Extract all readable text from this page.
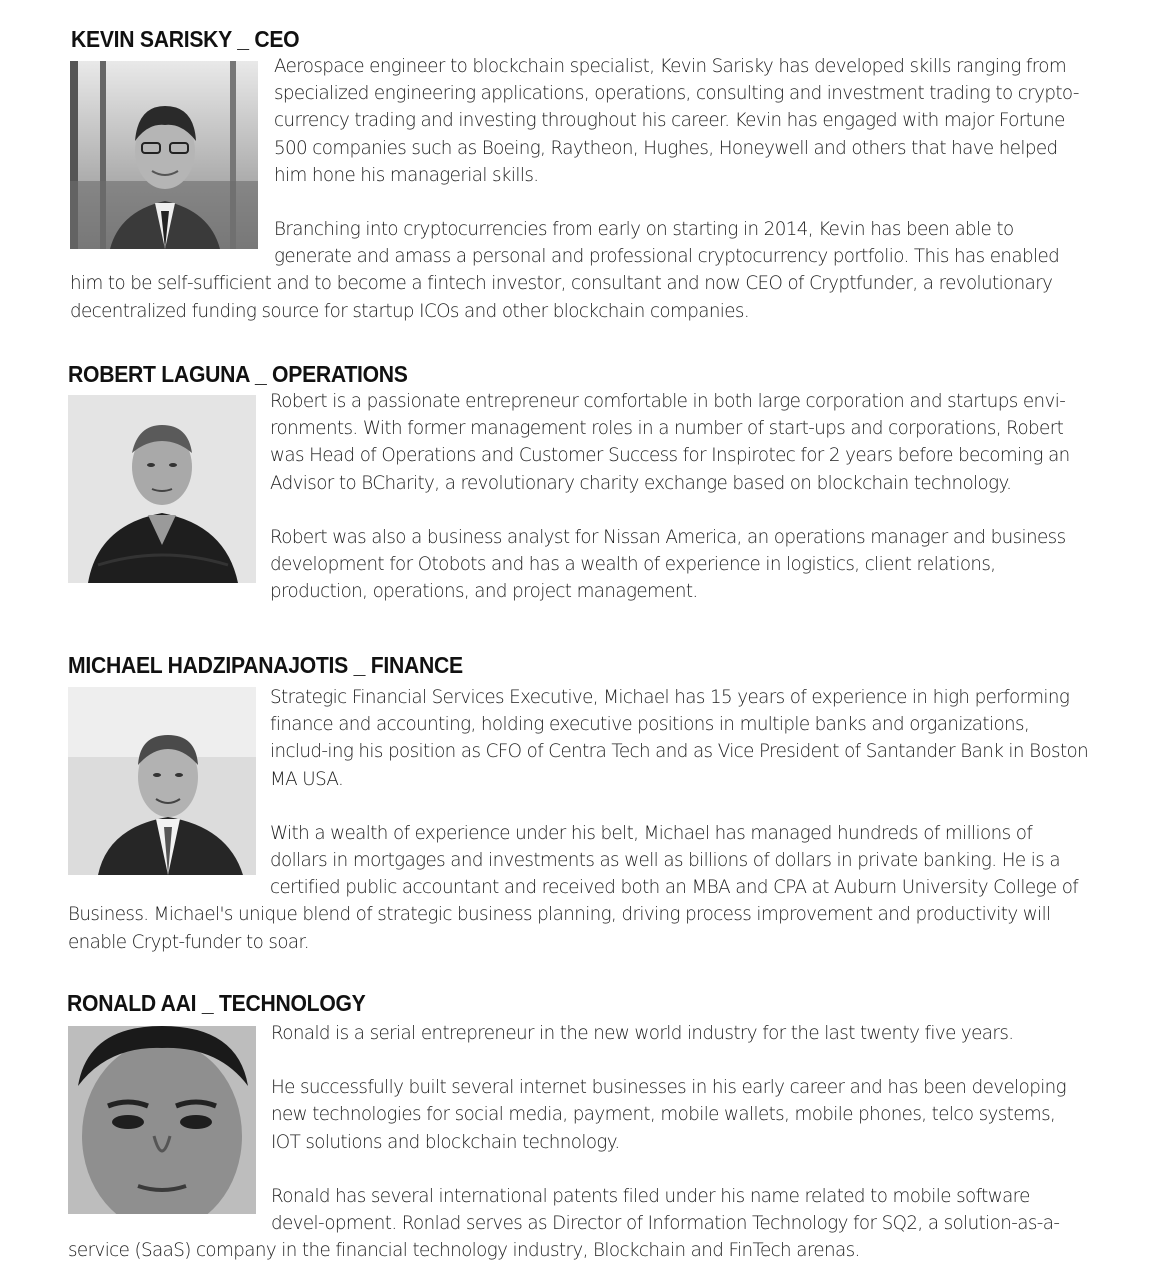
KEVIN SARISKY _ CEO

Aerospace engineer to blockchain specialist, Kevin Sarisky has developed skills ranging from specialized engineering applications, operations, consulting and investment trading to crypto-currency trading and investing throughout his career. Kevin has engaged with major Fortune 500 companies such as Boeing, Raytheon, Hughes, Honeywell and others that have helped him hone his managerial skills.

Branching into cryptocurrencies from early on starting in 2014, Kevin has been able to generate and amass a personal and professional cryptocurrency portfolio. This has enabled him to be self-sufficient and to become a fintech investor, consultant and now CEO of Cryptfunder, a revolutionary decentralized funding source for startup ICOs and other blockchain companies.

ROBERT LAGUNA _ OPERATIONS

Robert is a passionate entrepreneur comfortable in both large corporation and startups envi-ronments. With former management roles in a number of start-ups and corporations, Robert was Head of Operations and Customer Success for Inspirotec for 2 years before becoming an Advisor to BCharity, a revolutionary charity exchange based on blockchain technology.

Robert was also a business analyst for Nissan America, an operations manager and business development for Otobots and has a wealth of experience in logistics, client relations, production, operations, and project management.

MICHAEL HADZIPANAJOTIS _ FINANCE

Strategic Financial Services Executive, Michael has 15 years of experience in high performing finance and accounting, holding executive positions in multiple banks and organizations, includ-ing his position as CFO of Centra Tech and as Vice President of Santander Bank in Boston MA USA.

With a wealth of experience under his belt, Michael has managed hundreds of millions of dollars in mortgages and investments as well as billions of dollars in private banking. He is a certified public accountant and received both an MBA and CPA at Auburn University College of Business. Michael's unique blend of strategic business planning, driving process improvement and productivity will enable Crypt-funder to soar.

RONALD AAI _ TECHNOLOGY

Ronald is a serial entrepreneur in the new world industry for the last twenty five years.

He successfully built several internet businesses in his early career and has been developing new technologies for social media, payment, mobile wallets, mobile phones, telco systems, IOT solutions and blockchain technology.

Ronald has several international patents filed under his name related to mobile software devel-opment. Ronlad serves as Director of Information Technology for SQ2, a solution-as-a-service (SaaS) company in the financial technology industry, Blockchain and FinTech arenas.
